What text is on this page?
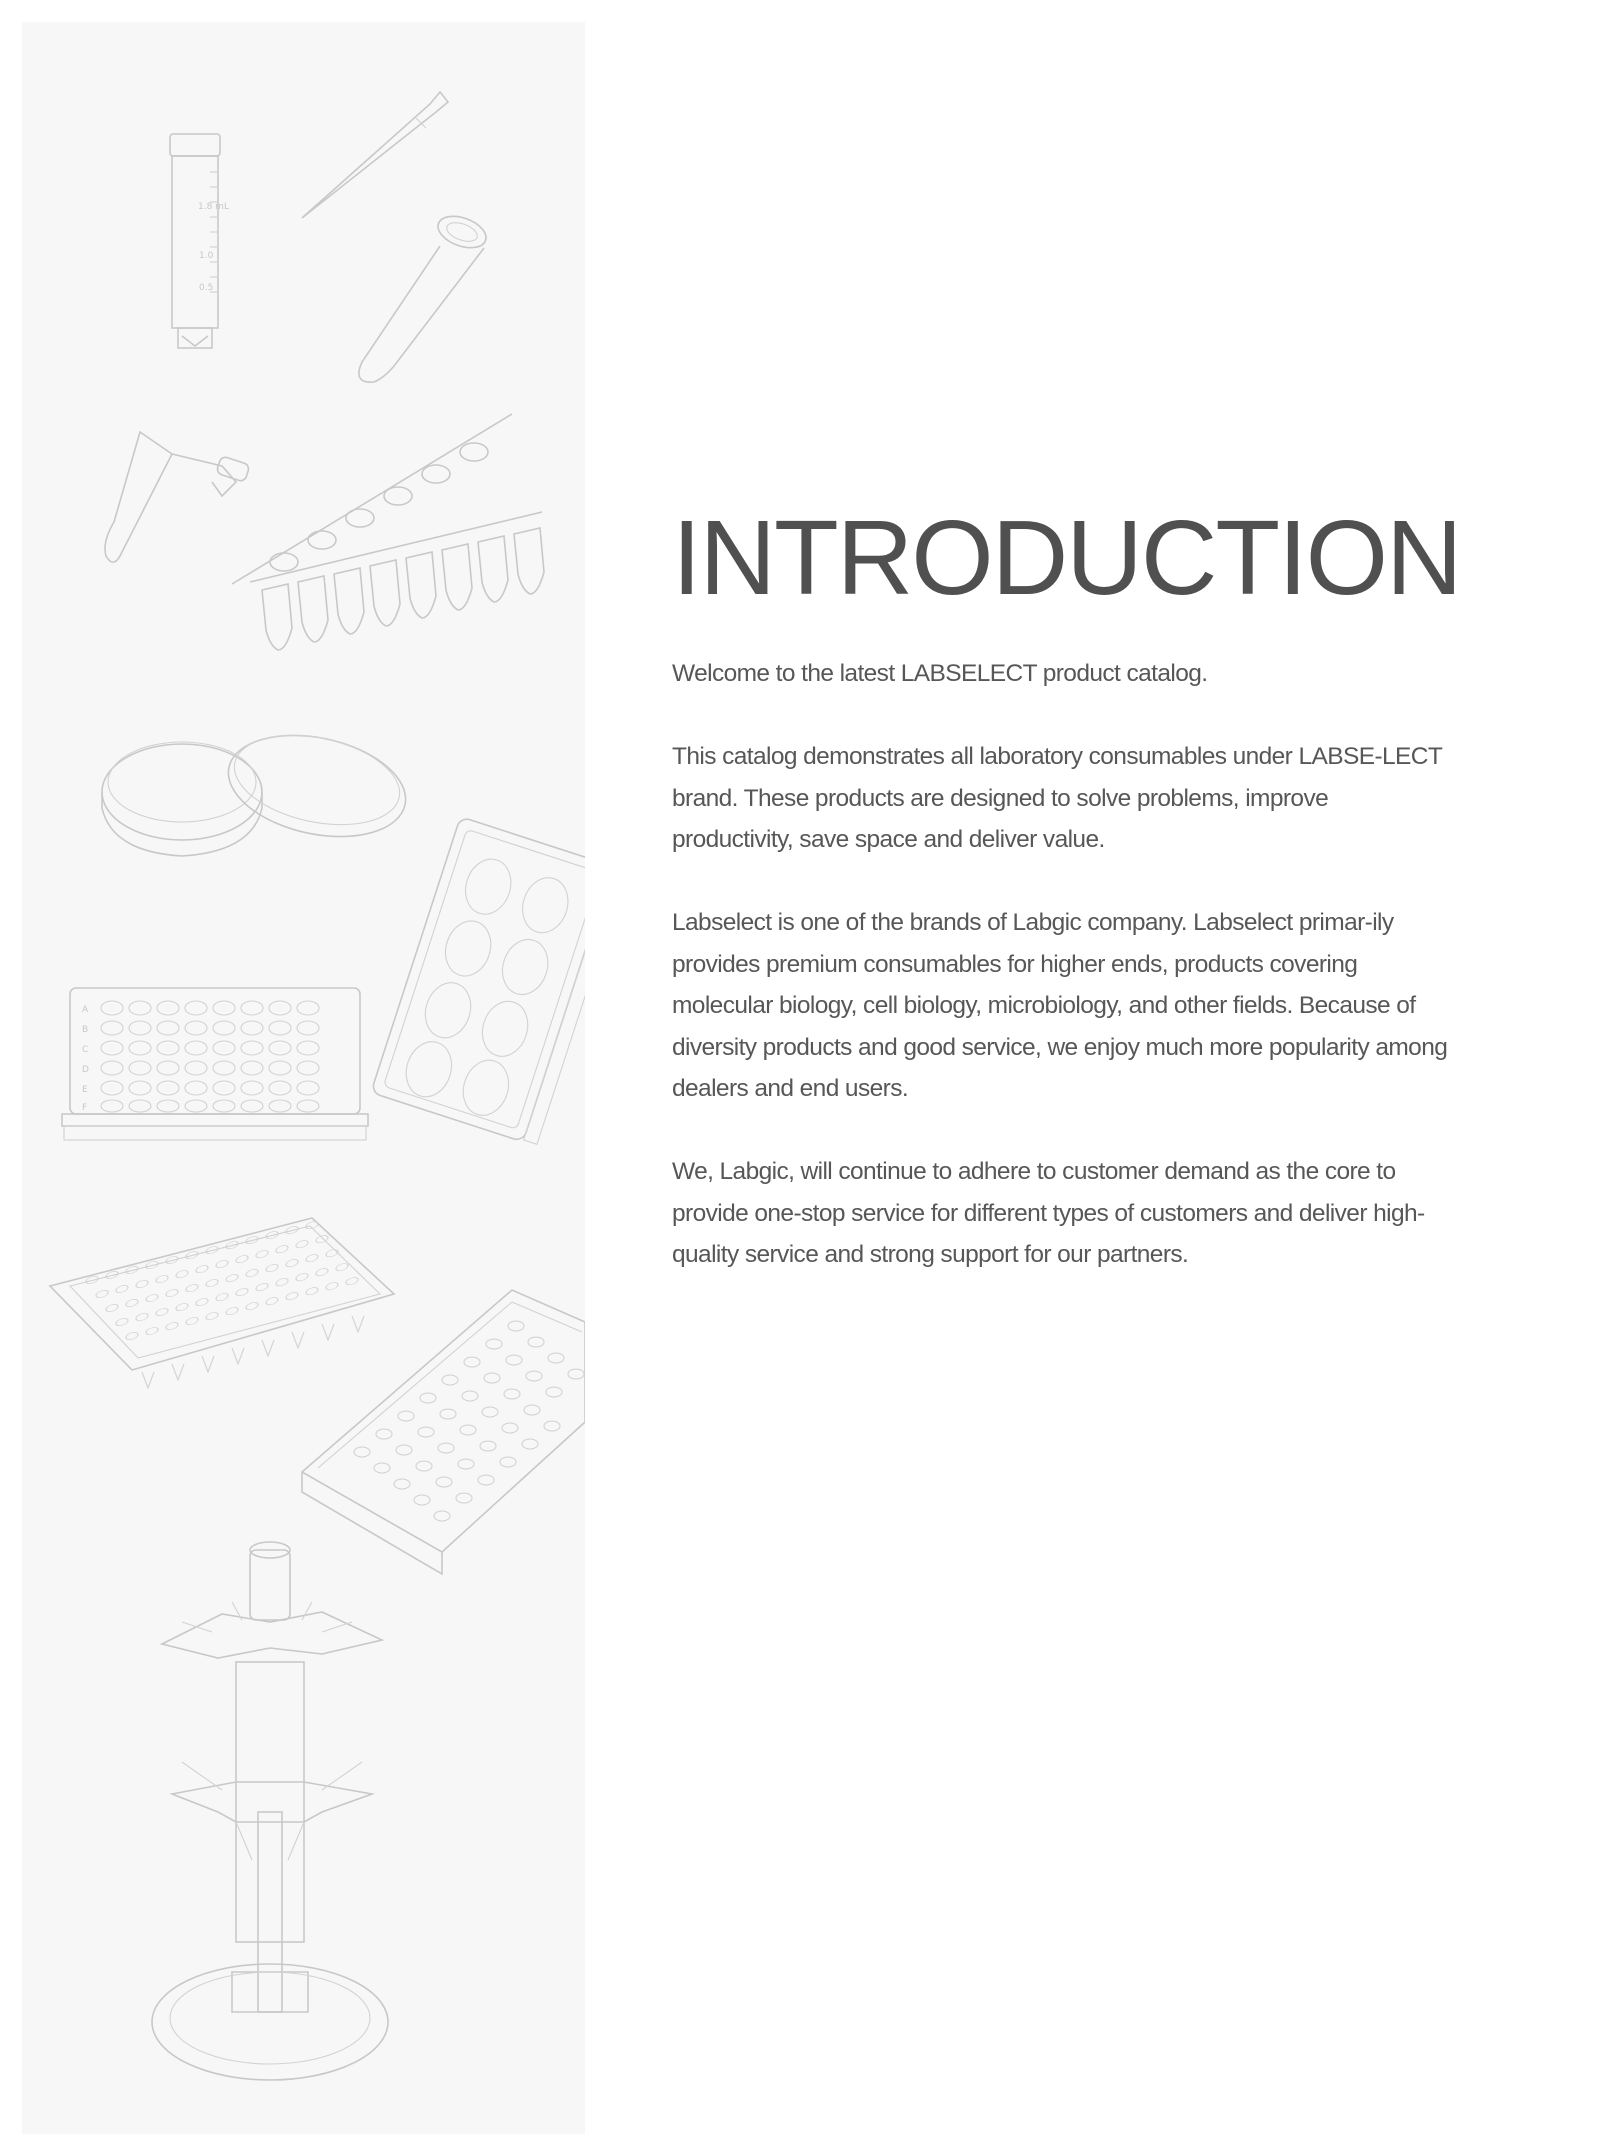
1.8 mL
1.0
0.5
A
B
C
D
E
F
INTRODUCTION

Welcome to the latest LABSELECT product catalog.

This catalog demonstrates all laboratory consumables under LABSE-LECT brand. These products are designed to solve problems, improve productivity, save space and deliver value.

Labselect is one of the brands of Labgic company. Labselect primar-ily provides premium consumables for higher ends, products covering molecular biology, cell biology, microbiology, and other fields. Because of diversity products and good service, we enjoy much more popularity among dealers and end users.

We, Labgic, will continue to adhere to customer demand as the core to provide one-stop service for different types of customers and deliver high-quality service and strong support for our partners.
